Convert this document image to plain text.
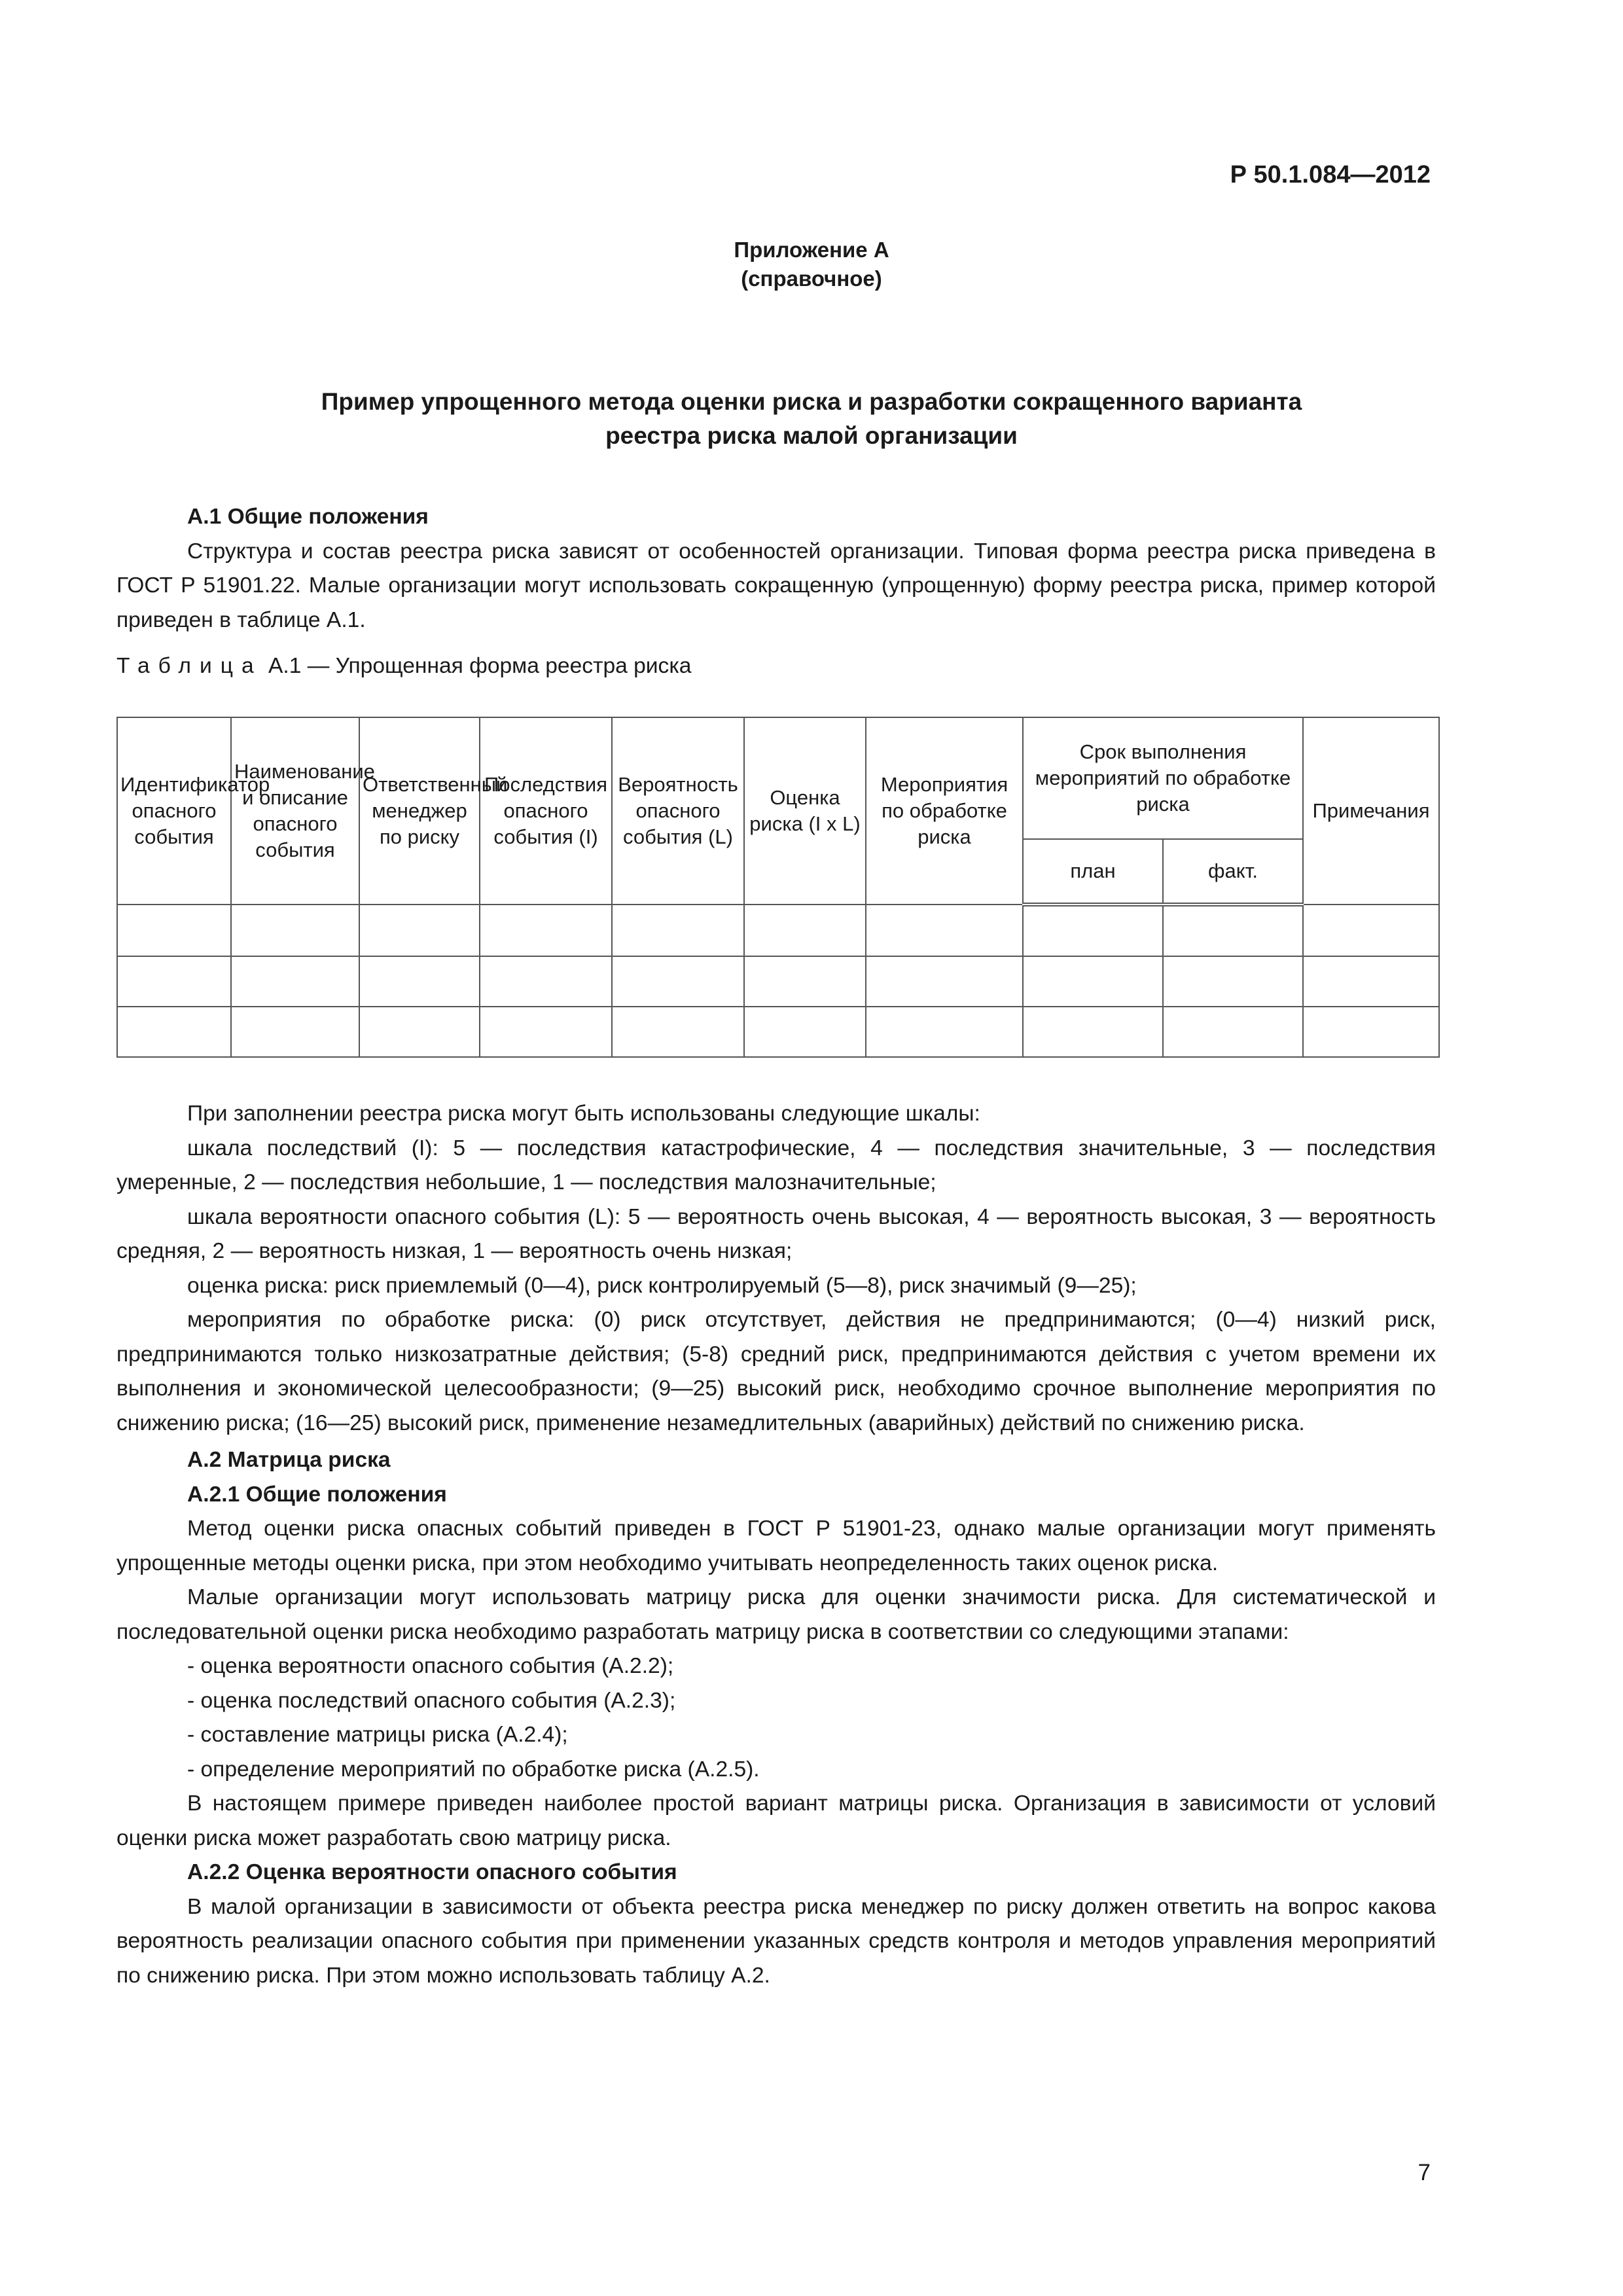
Р 50.1.084—2012
Приложение А
(справочное)
Пример упрощенного метода оценки риска и разработки сокращенного варианта
реестра риска малой организации

А.1 Общие положения

Структура и состав реестра риска зависят от особенностей организации. Типовая форма реестра риска приведена в ГОСТ Р 51901.22. Малые организации могут использовать сокращенную (упрощенную) форму реестра риска, пример которой приведен в таблице А.1.

Таблица А.1 — Упрощенная форма реестра риска

Идентификатор опасного события	Наименование и описание опасного события	Ответственный менеджер по риску	Последствия опасного события (I)	Вероятность опасного события (L)	Оценка риска (I x L)	Мероприятия по обработке риска	Срок выполнения мероприятий по обработке риска		Примечания
							план	факт.	

При заполнении реестра риска могут быть использованы следующие шкалы:

шкала последствий (I): 5 — последствия катастрофические, 4 — последствия значительные, 3 — последствия умеренные, 2 — последствия небольшие, 1 — последствия малозначительные;

шкала вероятности опасного события (L): 5 — вероятность очень высокая, 4 — вероятность высокая, 3 — вероятность средняя, 2 — вероятность низкая, 1 — вероятность очень низкая;

оценка риска: риск приемлемый (0—4), риск контролируемый (5—8), риск значимый (9—25);

мероприятия по обработке риска: (0) риск отсутствует, действия не предпринимаются; (0—4) низкий риск, предпринимаются только низкозатратные действия; (5-8) средний риск, предпринимаются действия с учетом времени их выполнения и экономической целесообразности; (9—25) высокий риск, необходимо срочное выполнение мероприятия по снижению риска; (16—25) высокий риск, применение незамедлительных (аварийных) действий по снижению риска.

А.2 Матрица риска

А.2.1 Общие положения

Метод оценки риска опасных событий приведен в ГОСТ Р 51901-23, однако малые организации могут применять упрощенные методы оценки риска, при этом необходимо учитывать неопределенность таких оценок риска.

Малые организации могут использовать матрицу риска для оценки значимости риска. Для систематической и последовательной оценки риска необходимо разработать матрицу риска в соответствии со следующими этапами:

- оценка вероятности опасного события (А.2.2);

- оценка последствий опасного события (А.2.3);

- составление матрицы риска (А.2.4);

- определение мероприятий по обработке риска (А.2.5).

В настоящем примере приведен наиболее простой вариант матрицы риска. Организация в зависимости от условий оценки риска может разработать свою матрицу риска.

А.2.2 Оценка вероятности опасного события

В малой организации в зависимости от объекта реестра риска менеджер по риску должен ответить на вопрос какова вероятность реализации опасного события при применении указанных средств контроля и методов управления мероприятий по снижению риска. При этом можно использовать таблицу А.2.

7
